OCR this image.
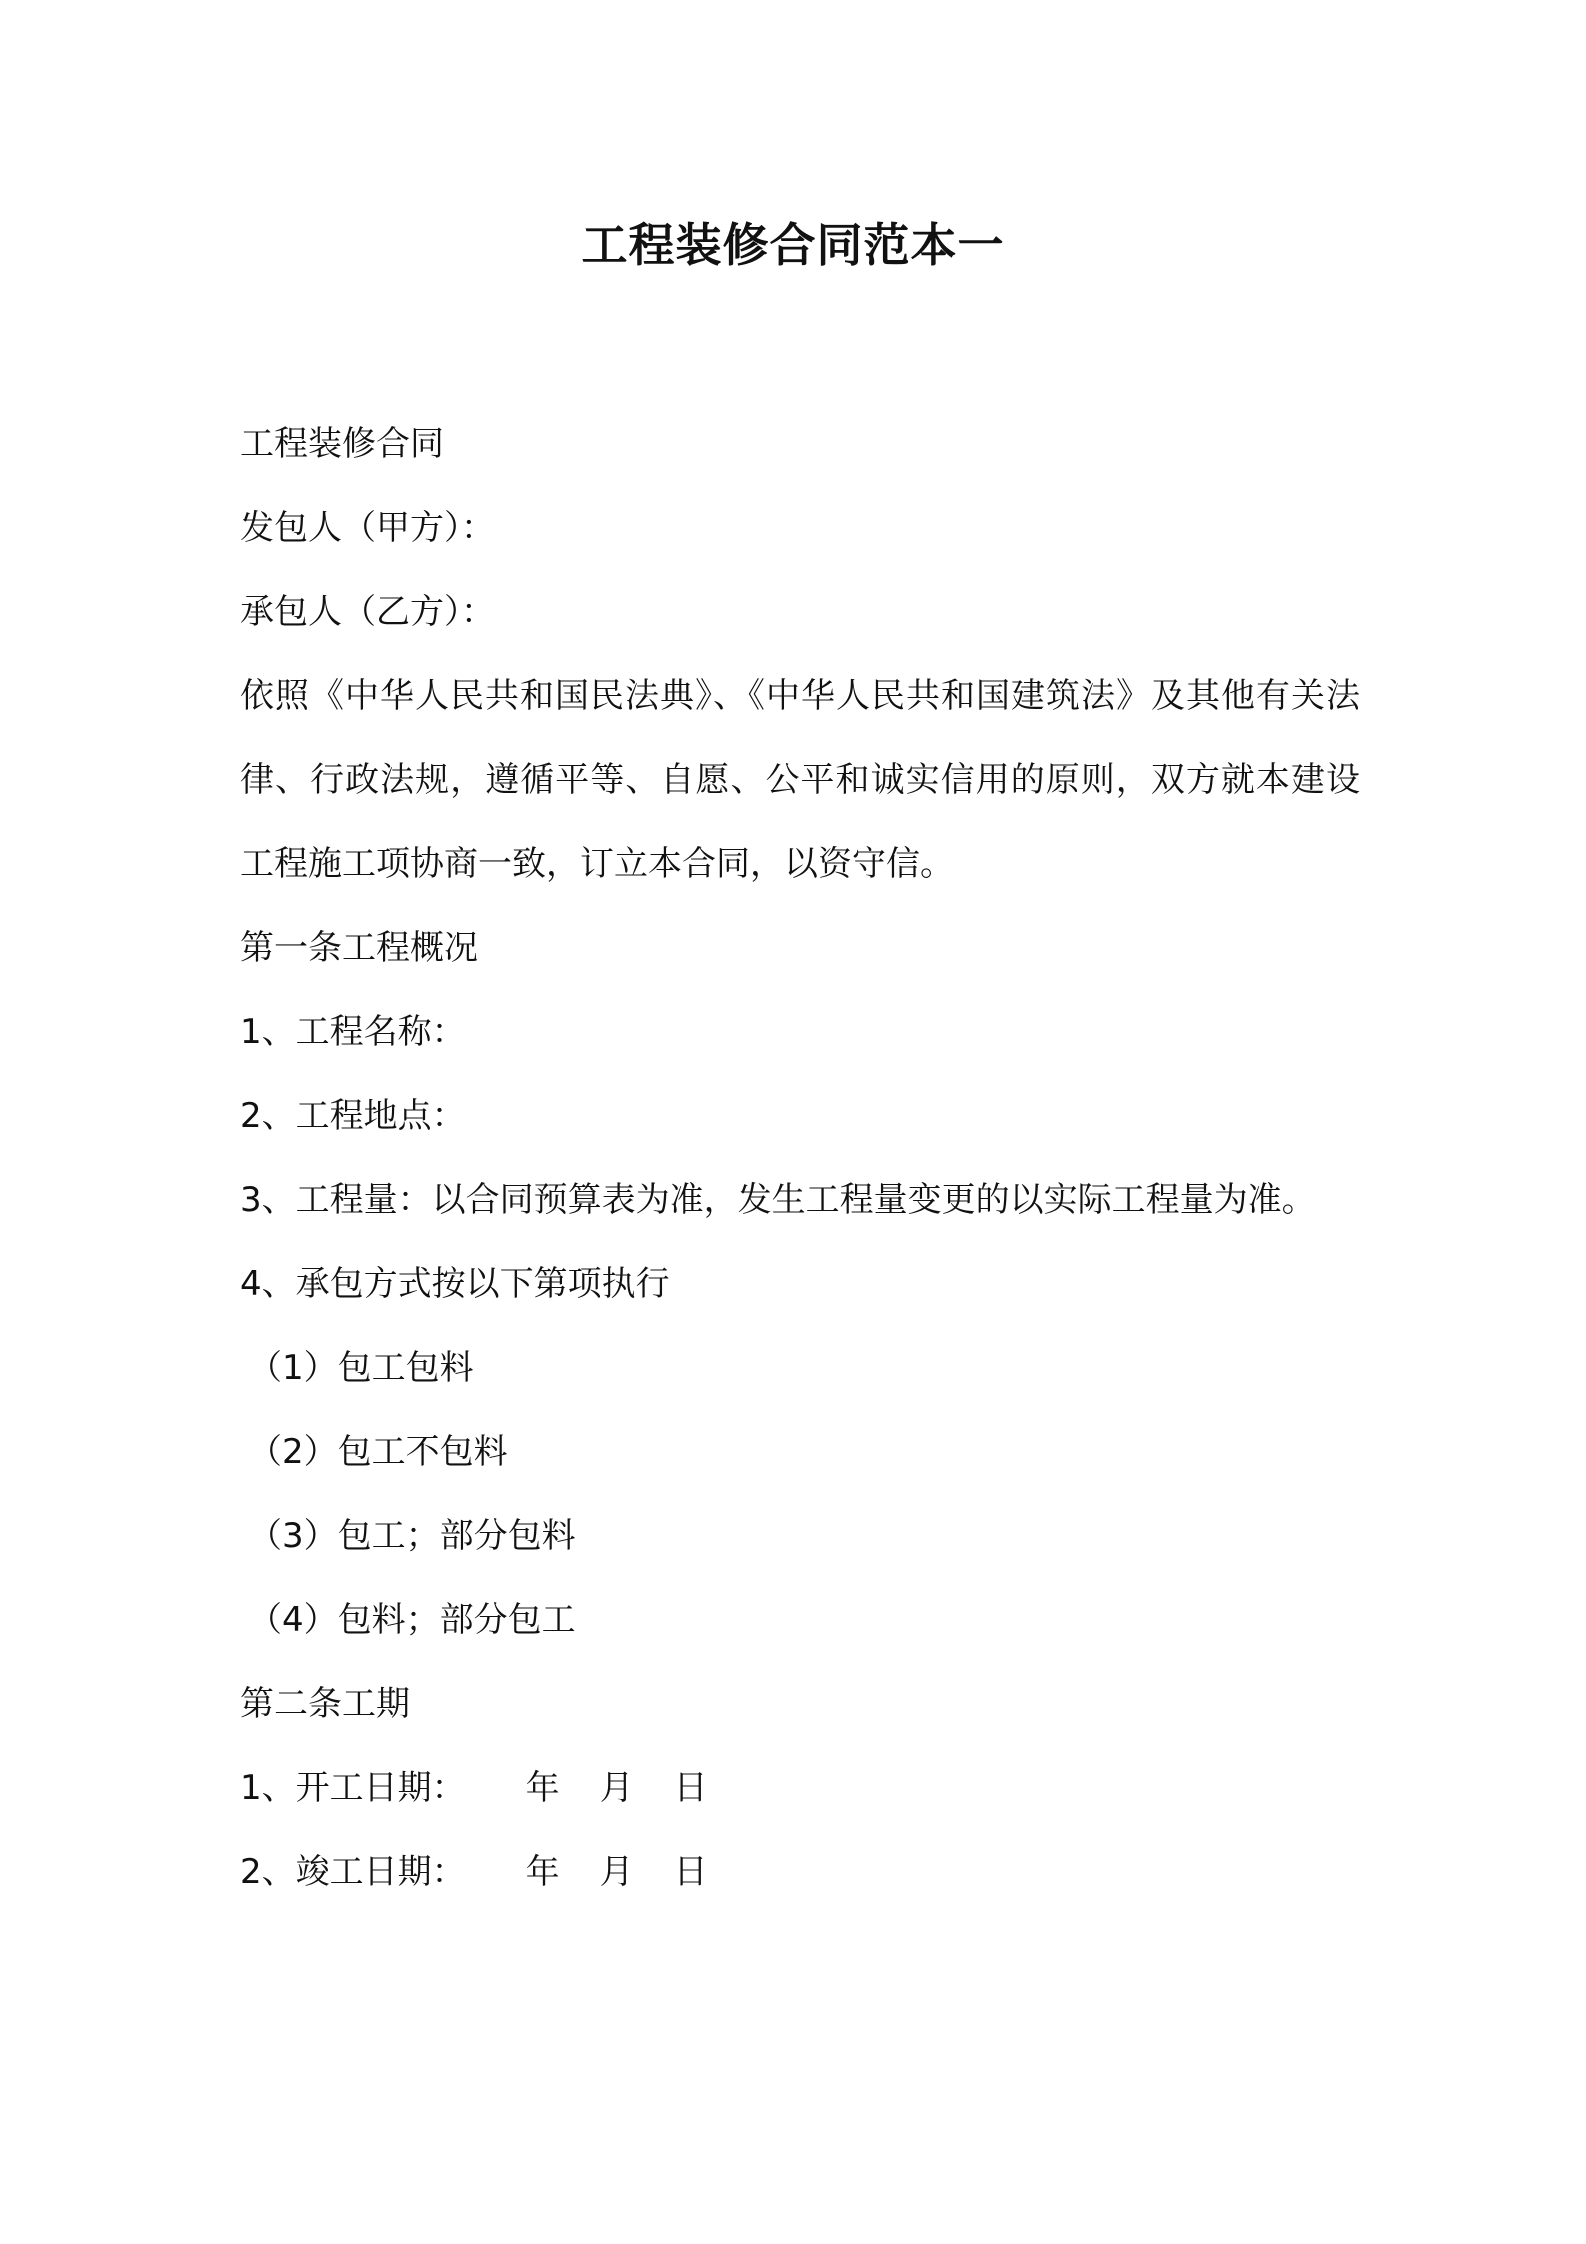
工程装修合同范本一
工程装修合同
发包人（甲方）：
承包人（乙方）：
依照《中华人民共和国民法典》、《中华人民共和国建筑法》及其他有关法律、行政法规，遵循平等、自愿、公平和诚实信用的原则，双方就本建设工程施工项协商一致，订立本合同，以资守信。
第一条工程概况
1、工程名称：
2、工程地点：
3、工程量：以合同预算表为准，发生工程量变更的以实际工程量为准。
4、承包方式按以下第项执行
（1）包工包料
（2）包工不包料
（3）包工；部分包料
（4）包料；部分包工
第二条工期
1、开工日期： 年 月 日
2、竣工日期： 年 月 日
